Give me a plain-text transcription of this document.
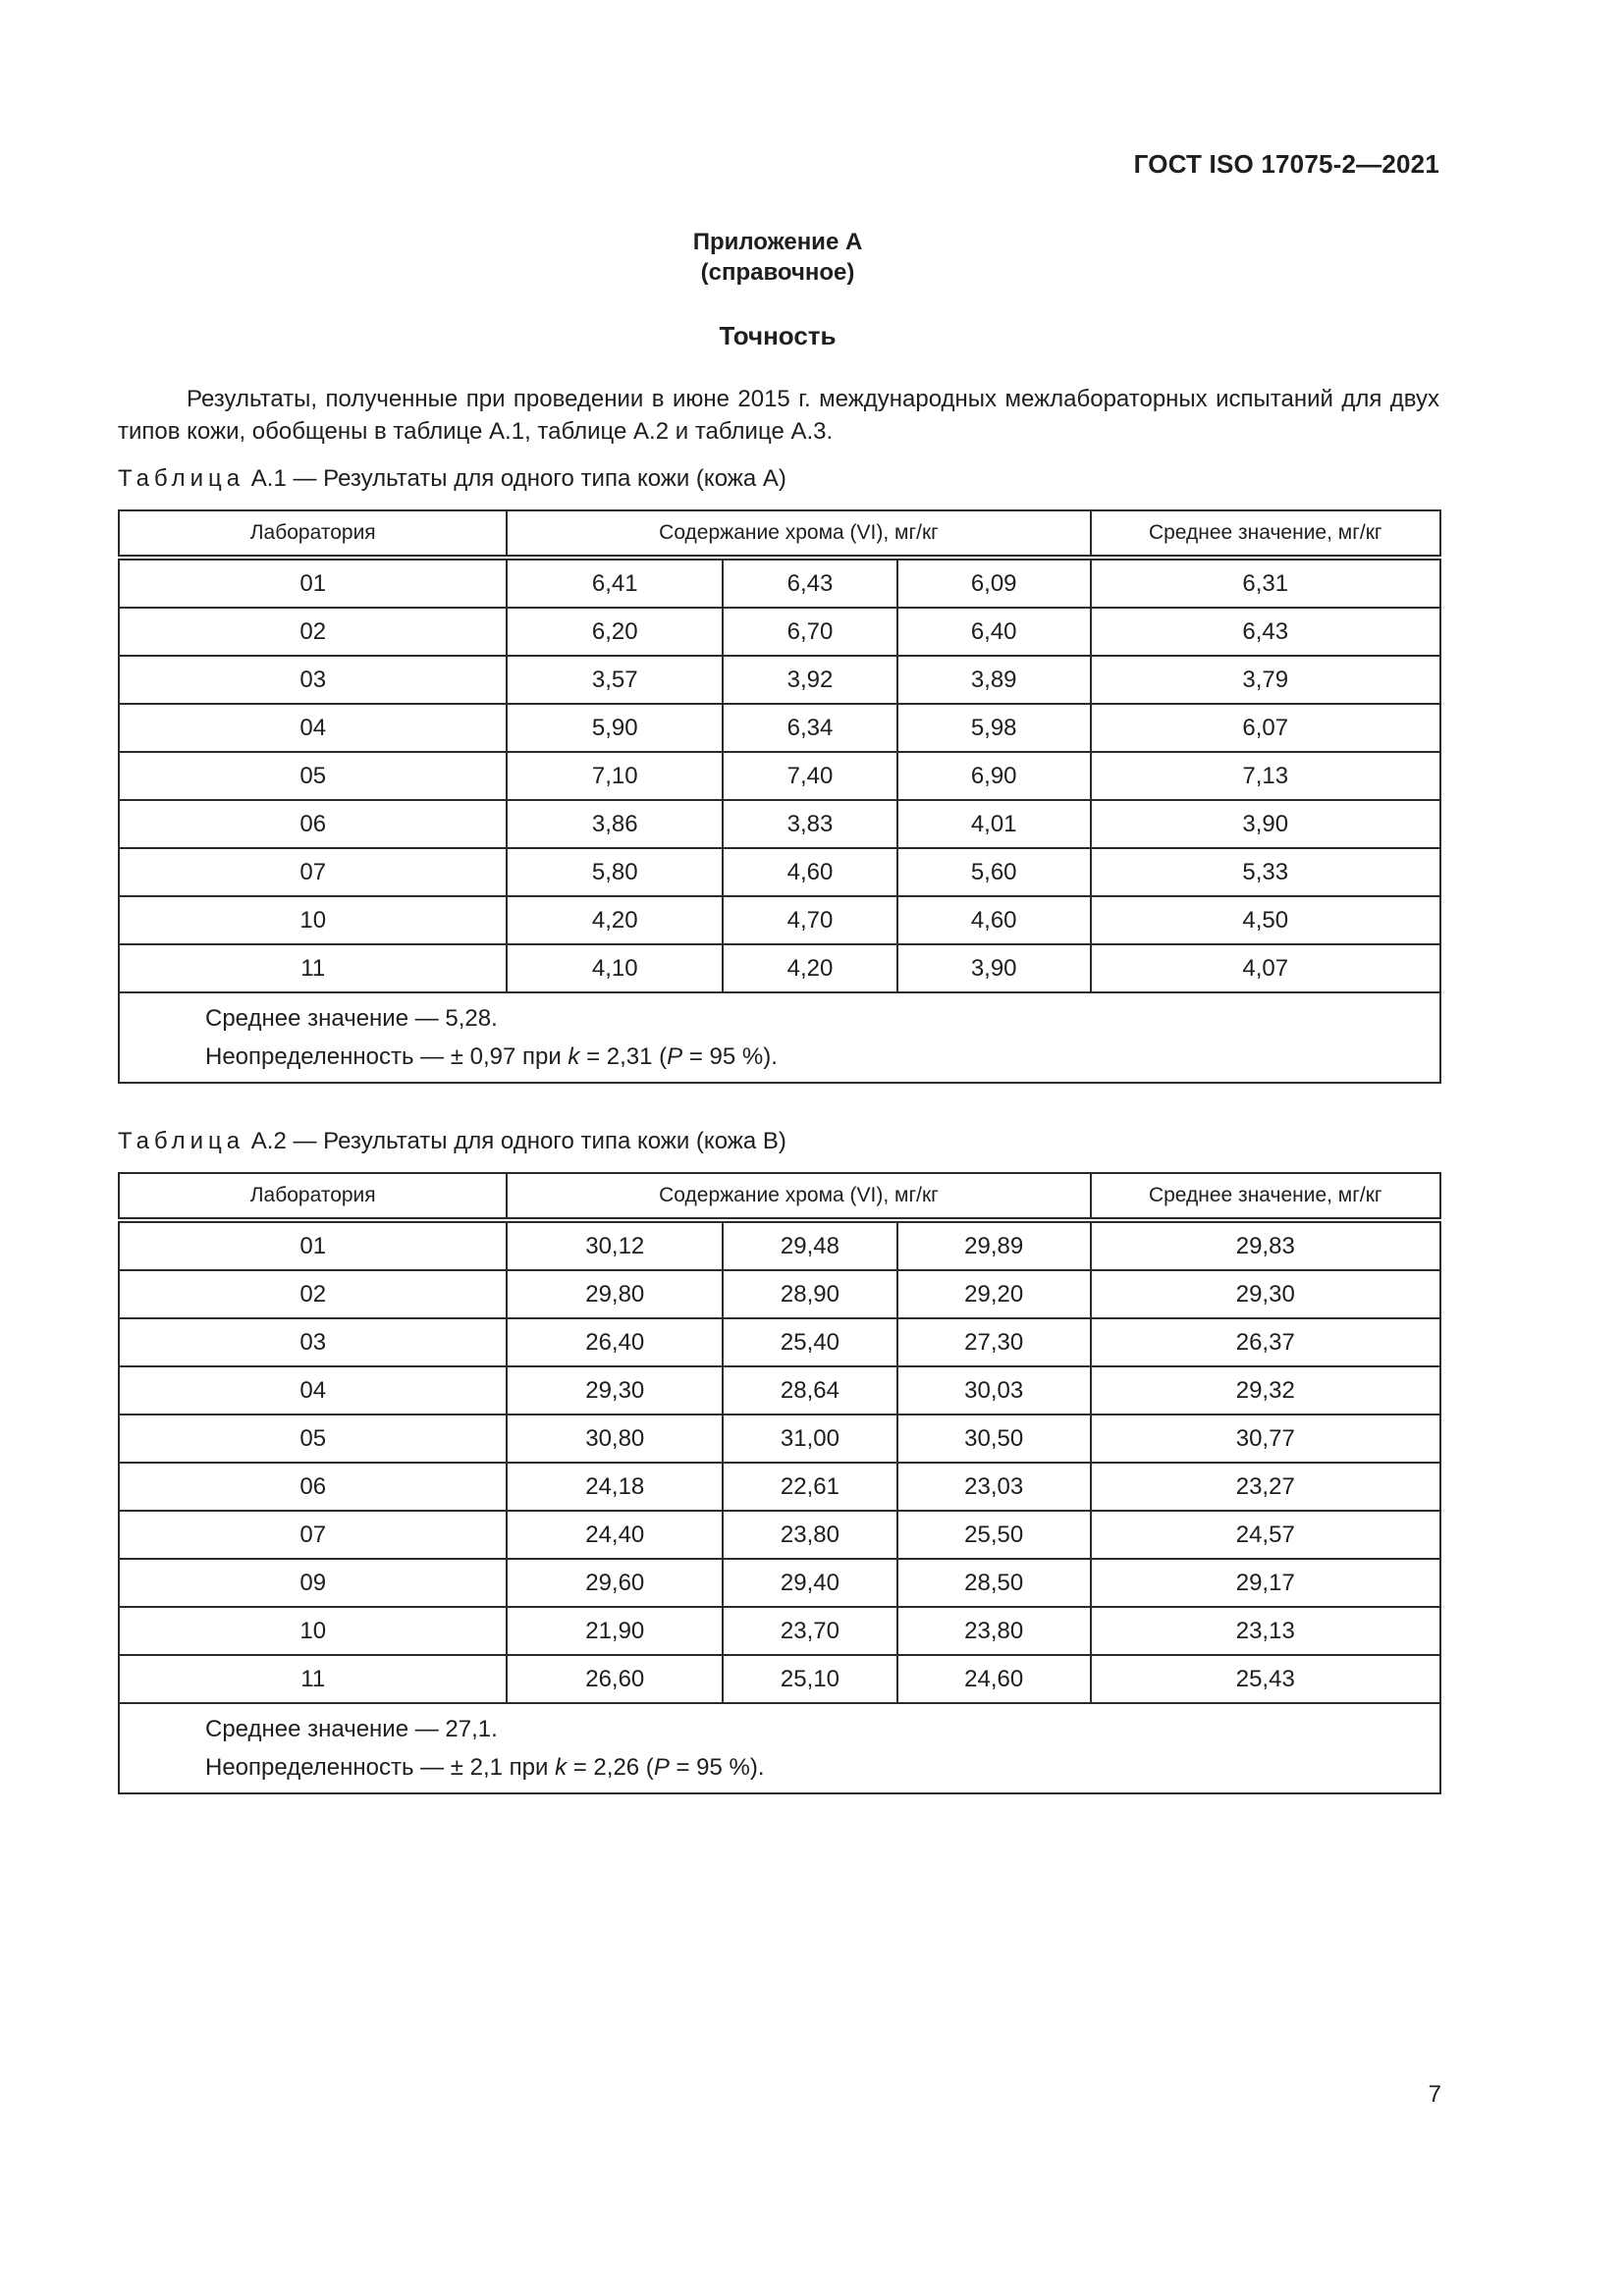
ГОСТ ISO 17075-2—2021
Приложение А
(справочное)
Точность
Результаты, полученные при проведении в июне 2015 г. международных межлабораторных испытаний для двух типов кожи, обобщены в таблице А.1, таблице А.2 и таблице А.3.
Таблица А.1 — Результаты для одного типа кожи (кожа А)
Лаборатория	Содержание хрома (VI), мг/кг			Среднее значение, мг/кг
01	6,41	6,43	6,09	6,31
02	6,20	6,70	6,40	6,43
03	3,57	3,92	3,89	3,79
04	5,90	6,34	5,98	6,07
05	7,10	7,40	6,90	7,13
06	3,86	3,83	4,01	3,90
07	5,80	4,60	5,60	5,33
10	4,20	4,70	4,60	4,50
11	4,10	4,20	3,90	4,07

Среднее значение — 5,28.
Неопределенность — ± 0,97 при k = 2,31 (P = 95 %).				
Таблица А.2 — Результаты для одного типа кожи (кожа В)
Лаборатория	Содержание хрома (VI), мг/кг			Среднее значение, мг/кг
01	30,12	29,48	29,89	29,83
02	29,80	28,90	29,20	29,30
03	26,40	25,40	27,30	26,37
04	29,30	28,64	30,03	29,32
05	30,80	31,00	30,50	30,77
06	24,18	22,61	23,03	23,27
07	24,40	23,80	25,50	24,57
09	29,60	29,40	28,50	29,17
10	21,90	23,70	23,80	23,13
11	26,60	25,10	24,60	25,43

Среднее значение — 27,1.
Неопределенность — ± 2,1 при k = 2,26 (P = 95 %).				
7
